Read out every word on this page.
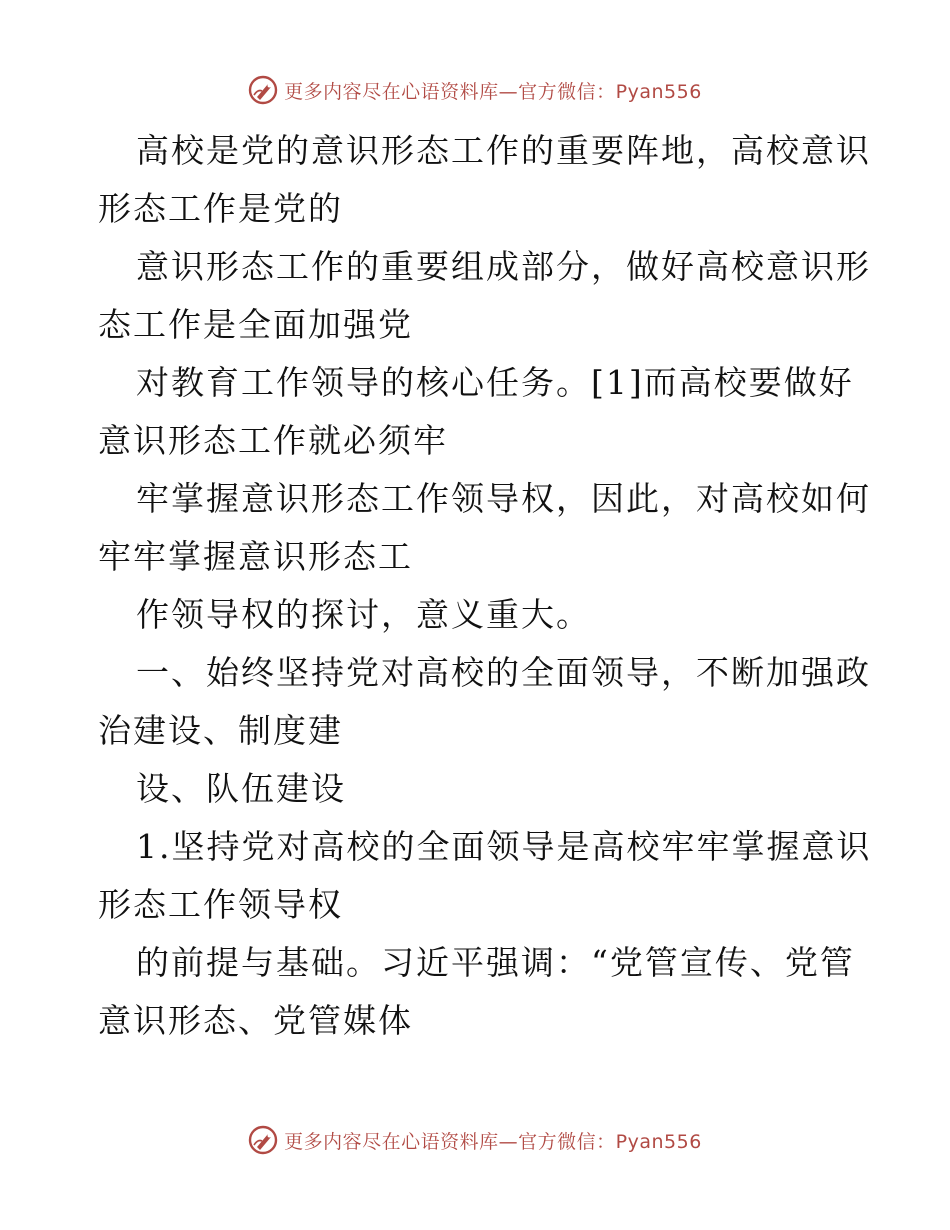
更多内容尽在心语资料库—官方微信：Pyan556

高校是党的意识形态工作的重要阵地，高校意识
形态工作是党的

意识形态工作的重要组成部分，做好高校意识形
态工作是全面加强党

对教育工作领导的核心任务。[1]而高校要做好
意识形态工作就必须牢

牢掌握意识形态工作领导权，因此，对高校如何
牢牢掌握意识形态工

作领导权的探讨，意义重大。

一、始终坚持党对高校的全面领导，不断加强政
治建设、制度建

设、队伍建设

1.坚持党对高校的全面领导是高校牢牢掌握意识
形态工作领导权

的前提与基础。习近平强调：“党管宣传、党管
意识形态、党管媒体

更多内容尽在心语资料库—官方微信：Pyan556
